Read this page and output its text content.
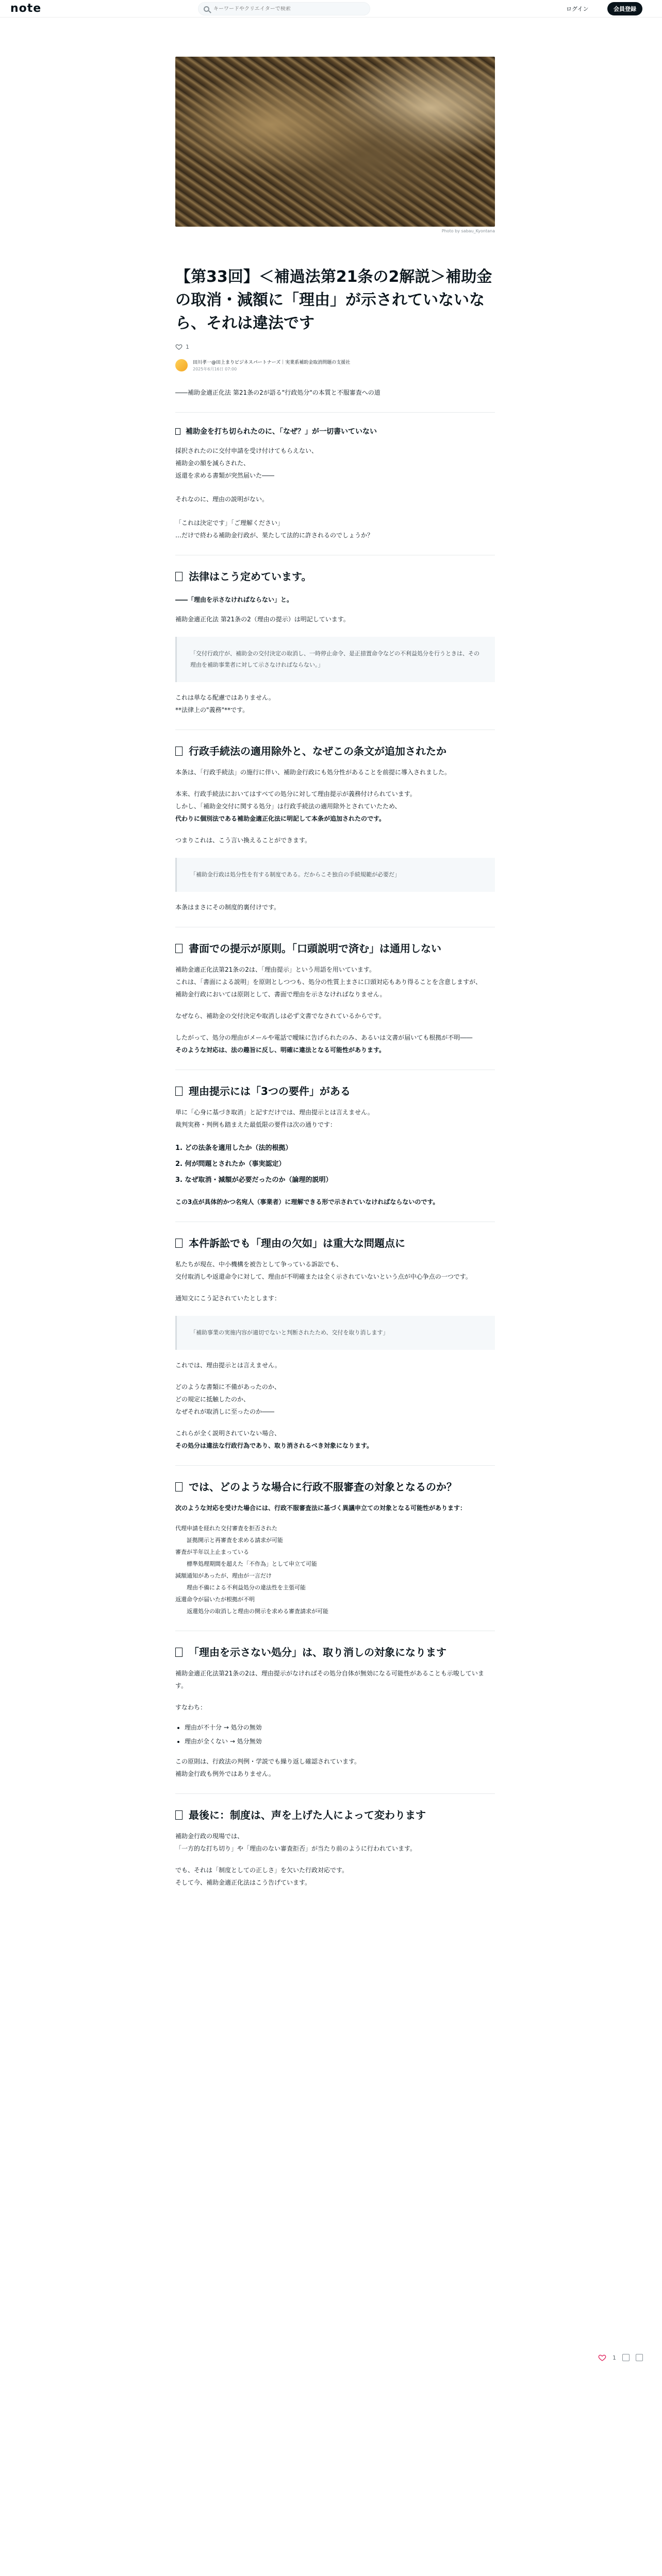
note
キーワードやクリエイターで検索	ログイン	会員登録
Photo by sabau_Kyontana
【第33回】＜補過法第21条の2解説＞補助金の取消・減額に「理由」が示されていないなら、それは違法です
1
田川孝一@田上まりビジネスパートナーズ｜実業系補助金取消問題の支援社
2025年6月16日 07:00
――補助金適正化法 第21条の2が語る"行政処分"の本質と不服審査への道
補助金を打ち切られたのに、「なぜ？」が一切書いていない

採択されたのに交付申請を受け付けてもらえない、

補助金の額を減らされた、

返還を求める書類が突然届いた――

それなのに、理由の説明がない。

「これは決定です」「ご理解ください」

…だけで終わる補助金行政が、果たして法的に許されるのでしょうか？

法律はこう定めています。

――「理由を示さなければならない」と。

補助金適正化法 第21条の2（理由の提示）は明記しています。

「交付行政庁が、補助金の交付決定の取消し、一時停止命令、是正措置命令などの不利益処分を行うときは、その理由を補助事業者に対して示さなければならない。」

これは単なる配慮ではありません。

**法律上の"義務"**です。

行政手続法の適用除外と、なぜこの条文が追加されたか

本条は、「行政手続法」の施行に伴い、補助金行政にも処分性があることを前提に導入されました。

本来、行政手続法においてはすべての処分に対して理由提示が義務付けられています。

しかし、「補助金交付に関する処分」は行政手続法の適用除外とされていたため、

代わりに個別法である補助金適正化法に明記して本条が追加されたのです。

つまりこれは、こう言い換えることができます。

「補助金行政は処分性を有する制度である。だからこそ独自の手続規範が必要だ」

本条はまさにその制度的裏付けです。

書面での提示が原則。「口頭説明で済む」は通用しない

補助金適正化法第21条の2は、「理由提示」という用語を用いています。

これは、「書面による説明」を原則としつつも、処分の性質上まさに口頭対応もあり得ることを含意しますが、

補助金行政においては原則として、書面で理由を示さなければなりません。

なぜなら、補助金の交付決定や取消しは必ず文書でなされているからです。

したがって、処分の理由がメールや電話で曖昧に告げられたのみ、あるいは文書が届いても根拠が不明――

そのような対応は、法の趣旨に反し、明確に違法となる可能性があります。

理由提示には「3つの要件」がある

単に「心身に基づき取消」と記すだけでは、理由提示とは言えません。

裁判実務・判例も踏まえた最低限の要件は次の通りです：

1. どの法条を適用したか（法的根拠）
2. 何が問題とされたか（事実認定）
3. なぜ取消・減額が必要だったのか（論理的説明）

この3点が具体的かつ名宛人（事業者）に理解できる形で示されていなければならないのです。

本件訴訟でも「理由の欠如」は重大な問題点に

私たちが現在、中小機構を被告として争っている訴訟でも、

交付取消しや返還命令に対して、理由が不明確または全く示されていないという点が中心争点の一つです。

通知文にこう記されていたとします：

「補助事業の実施内容が適切でないと判断されたため、交付を取り消します」

これでは、理由提示とは言えません。

どのような書類に不備があったのか、

どの規定に抵触したのか、

なぜそれが取消しに至ったのか――

これらが全く説明されていない場合、

その処分は違法な行政行為であり、取り消されるべき対象になります。

では、どのような場合に行政不服審査の対象となるのか？

次のような対応を受けた場合には、行政不服審査法に基づく異議申立ての対象となる可能性があります：

代理申請を経れた交付審査を拒否された
証拠開示と再審査を求める請求が可能
審査が半年以上止まっている
標準処理期間を超えた「不作為」として申立て可能
減額通知があったが、理由が一言だけ
理由不備による不利益処分の違法性を主張可能
返還命令が届いたが根拠が不明
返還処分の取消しと理由の開示を求める審査請求が可能
「理由を示さない処分」は、取り消しの対象になります

補助金適正化法第21条の2は、理由提示がなければその処分自体が無効になる可能性があることも示唆しています。

すなわち：

• 理由が不十分 → 処分の無効
• 理由が全くない → 処分無効

この原則は、行政法の判例・学説でも繰り返し確認されています。

補助金行政も例外ではありません。

最後に：制度は、声を上げた人によって変わります

補助金行政の現場では、

「一方的な打ち切り」や「理由のない審査拒否」が当たり前のように行われています。

でも、それは「制度としての正しさ」を欠いた行政対応です。

そして今、補助金適正化法はこう告げています。

1
